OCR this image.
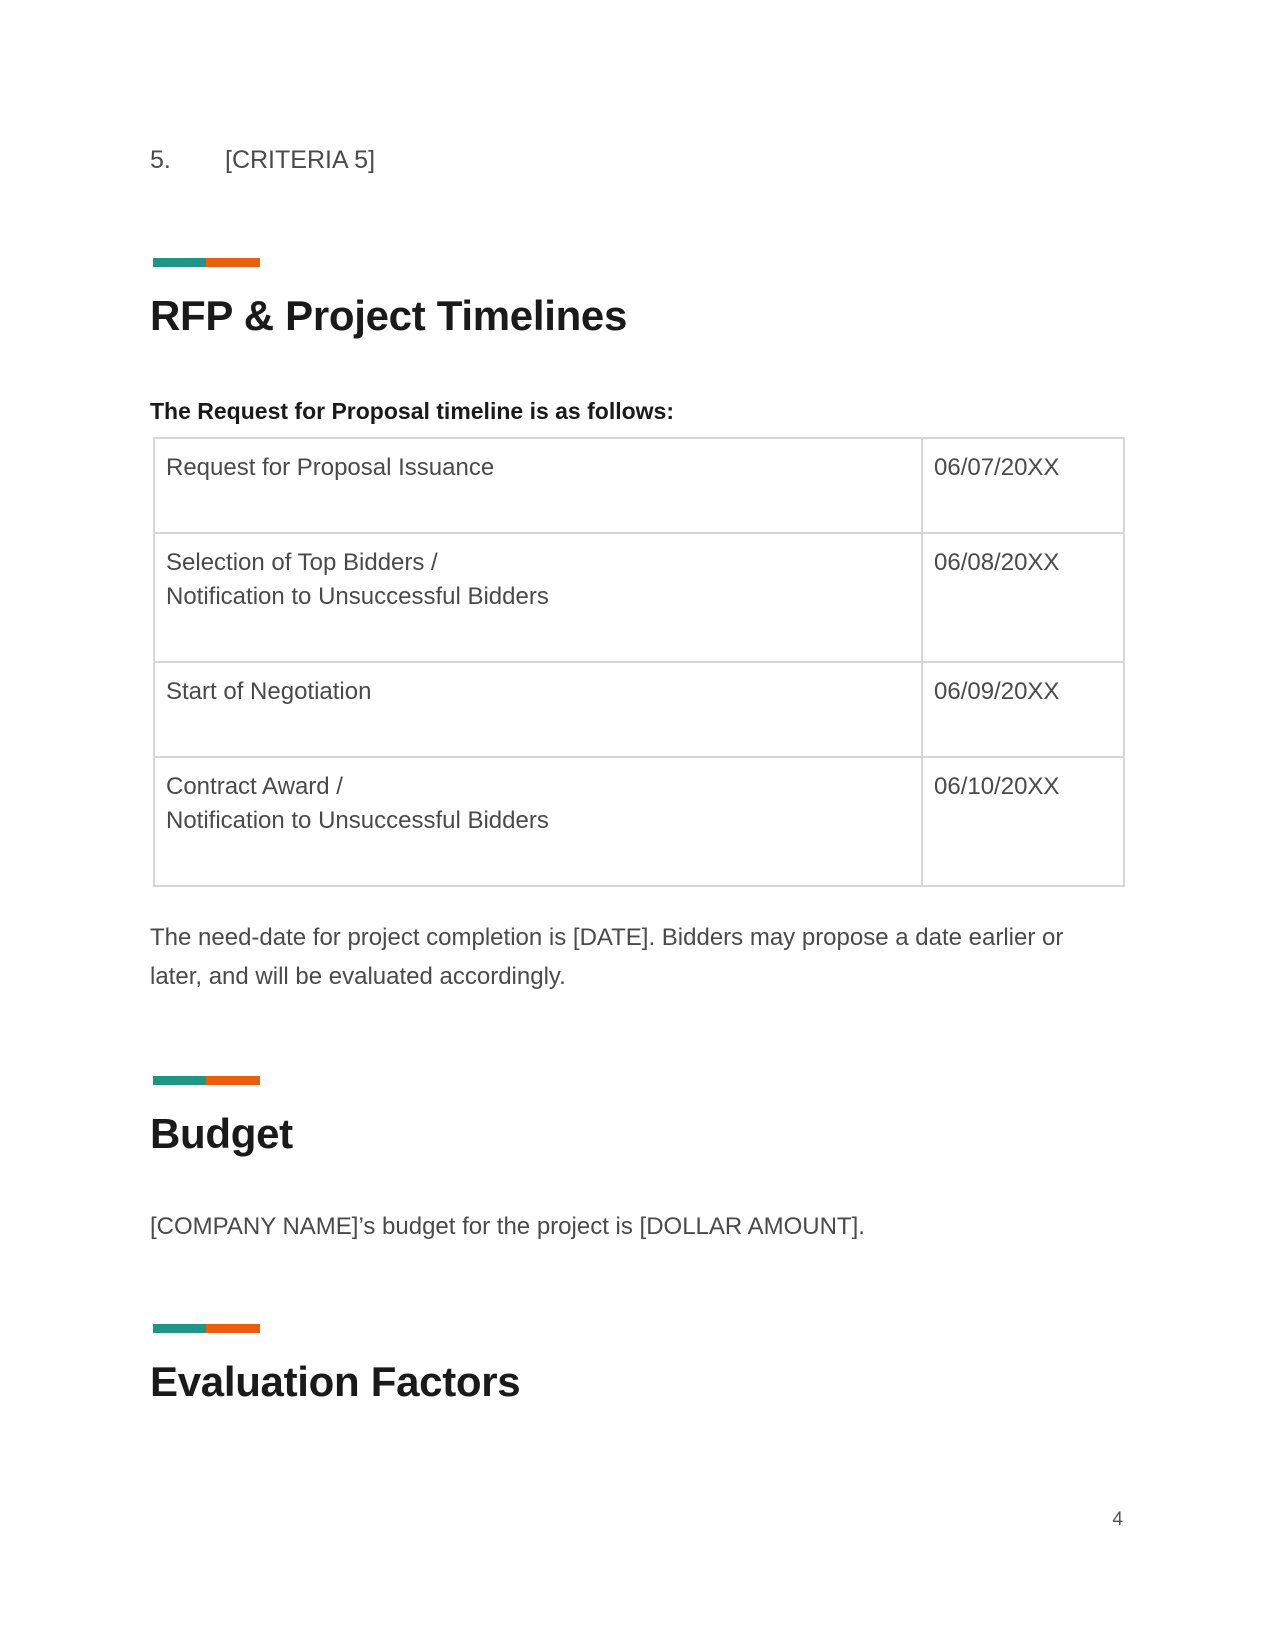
5.	[CRITERIA 5]
RFP & Project Timelines
The Request for Proposal timeline is as follows:
Request for Proposal Issuance	06/07/20XX

Selection of Top Bidders /
Notification to Unsuccessful Bidders	06/08/20XX

Start of Negotiation	06/09/20XX

Contract Award /
Notification to Unsuccessful Bidders	06/10/20XX
The need-date for project completion is [DATE]. Bidders may propose a date earlier or later, and will be evaluated accordingly.
Budget
[COMPANY NAME]’s budget for the project is [DOLLAR AMOUNT].
Evaluation Factors
4
